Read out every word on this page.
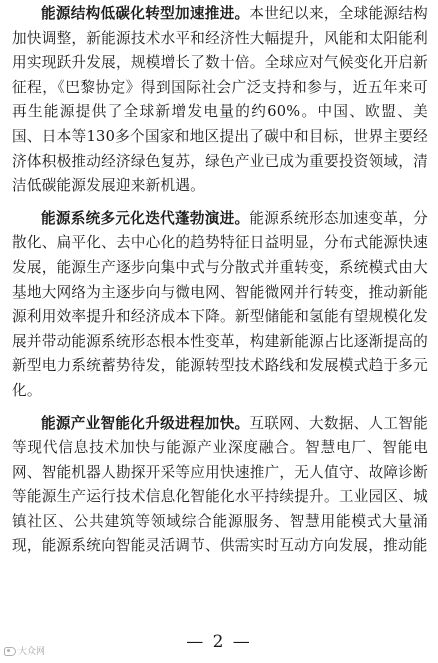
能源结构低碳化转型加速推进。本世纪以来，全球能源结构加快调整，新能源技术水平和经济性大幅提升，风能和太阳能利用实现跃升发展，规模增长了数十倍。全球应对气候变化开启新征程，《巴黎协定》得到国际社会广泛支持和参与，近五年来可再生能源提供了全球新增发电量的约60%。中国、欧盟、美国、日本等130多个国家和地区提出了碳中和目标，世界主要经济体积极推动经济绿色复苏，绿色产业已成为重要投资领域，清洁低碳能源发展迎来新机遇。

能源系统多元化迭代蓬勃演进。能源系统形态加速变革，分散化、扁平化、去中心化的趋势特征日益明显，分布式能源快速发展，能源生产逐步向集中式与分散式并重转变，系统模式由大基地大网络为主逐步向与微电网、智能微网并行转变，推动新能源利用效率提升和经济成本下降。新型储能和氢能有望规模化发展并带动能源系统形态根本性变革，构建新能源占比逐渐提高的新型电力系统蓄势待发，能源转型技术路线和发展模式趋于多元化。

能源产业智能化升级进程加快。互联网、大数据、人工智能等现代信息技术加快与能源产业深度融合。智慧电厂、智能电网、智能机器人勘探开采等应用快速推广，无人值守、故障诊断等能源生产运行技术信息化智能化水平持续提升。工业园区、城镇社区、公共建筑等领域综合能源服务、智慧用能模式大量涌现，能源系统向智能灵活调节、供需实时互动方向发展，推动能

— 2 —
大众网
